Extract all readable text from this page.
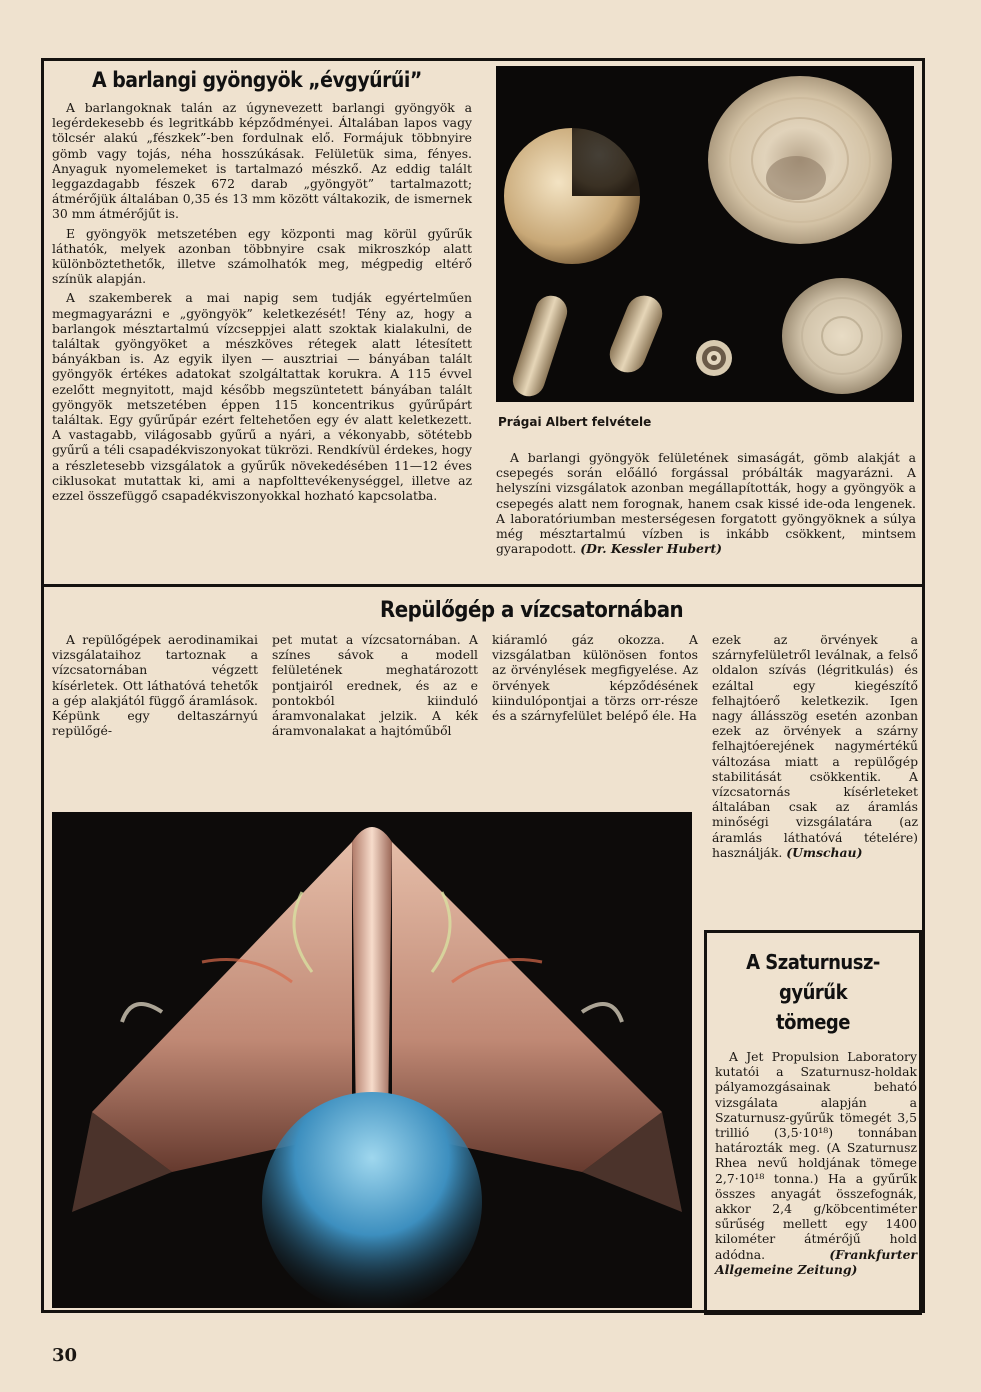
A barlangi gyöngyök „évgyűrűi”

A barlangoknak talán az úgynevezett barlangi gyöngyök a legérdekesebb és legritkább képződményei. Általában lapos vagy tölcsér alakú „fészkek”-ben fordulnak elő. Formájuk többnyire gömb vagy tojás, néha hosszúkásak. Felületük sima, fényes. Anyaguk nyomelemeket is tartalmazó mészkő. Az eddig talált leggazdagabb fészek 672 darab „gyöngyöt” tartalmazott; átmérőjük általában 0,35 és 13 mm között váltakozik, de ismernek 30 mm átmérőjűt is.

E gyöngyök metszetében egy központi mag körül gyűrűk láthatók, melyek azonban többnyire csak mikroszkóp alatt különböztethetők, illetve számolhatók meg, mégpedig eltérő színük alapján.

A szakemberek a mai napig sem tudják egyértelműen megmagyarázni e „gyöngyök” keletkezését! Tény az, hogy a barlangok mésztartalmú vízcseppjei alatt szoktak kialakulni, de találtak gyöngyöket a mészköves rétegek alatt létesített bányákban is. Az egyik ilyen — ausztriai — bányában talált gyöngyök értékes adatokat szolgáltattak korukra. A 115 évvel ezelőtt megnyitott, majd később megszüntetett bányában talált gyöngyök metszetében éppen 115 koncentrikus gyűrűpárt találtak. Egy gyűrűpár ezért feltehetően egy év alatt keletkezett. A vastagabb, világosabb gyűrű a nyári, a vékonyabb, sötétebb gyűrű a téli csapadékviszonyokat tükrözi. Rendkívül érdekes, hogy a részletesebb vizsgálatok a gyűrűk növekedésében 11—12 éves ciklusokat mutattak ki, ami a napfolttevékenységgel, illetve az ezzel összefüggő csapadékviszonyokkal hozható kapcsolatba.

Prágai Albert felvétele

A barlangi gyöngyök felületének simaságát, gömb alakját a csepegés során előálló forgással próbálták magyarázni. A helyszíni vizsgálatok azonban megállapították, hogy a gyöngyök a csepegés alatt nem forognak, hanem csak kissé ide-oda lengenek. A laboratóriumban mesterségesen forgatott gyöngyöknek a súlya még mésztartalmú vízben is inkább csökkent, mintsem gyarapodott. (Dr. Kessler Hubert)

Repülőgép a vízcsatornában
A repülőgépek aerodinamikai vizsgálataihoz tartoznak a vízcsatornában végzett kísérletek. Ott láthatóvá tehetők a gép alakjától függő áramlások. Képünk egy deltaszárnyú repülőgé-
pet mutat a vízcsatornában. A színes sávok a modell felületének meghatározott pontjairól erednek, és az e pontokból kiinduló áramvonalakat jelzik. A kék áramvonalakat a hajtóműből
kiáramló gáz okozza. A vizsgálatban különösen fontos az örvénylések megfigyelése. Az örvények képződésének kiindulópontjai a törzs orr-része és a szárnyfelület belépő éle. Ha
ezek az örvények a szárnyfelületről leválnak, a felső oldalon szívás (légritkulás) és ezáltal egy kiegészítő felhajtóerő keletkezik. Igen nagy állásszög esetén azonban ezek az örvények a szárny felhajtóerejének nagymértékű változása miatt a repülőgép stabilitását csökkentik. A vízcsatornás kísérleteket általában csak az áramlás minőségi vizsgálatára (az áramlás láthatóvá tételére) használják. (Umschau)
A Szaturnusz-
gyűrűk
tömege
A Jet Propulsion Laboratory kutatói a Szaturnusz-holdak pályamozgásainak beható vizsgálata alapján a Szaturnusz-gyűrűk tömegét 3,5 trillió (3,5·10¹⁸) tonnában határozták meg. (A Szaturnusz Rhea nevű holdjának tömege 2,7·10¹⁸ tonna.) Ha a gyűrűk összes anyagát összefognák, akkor 2,4 g/köbcentiméter sűrűség mellett egy 1400 kilométer átmérőjű hold adódna.	(Frankfurter Allgemeine Zeitung)
30
